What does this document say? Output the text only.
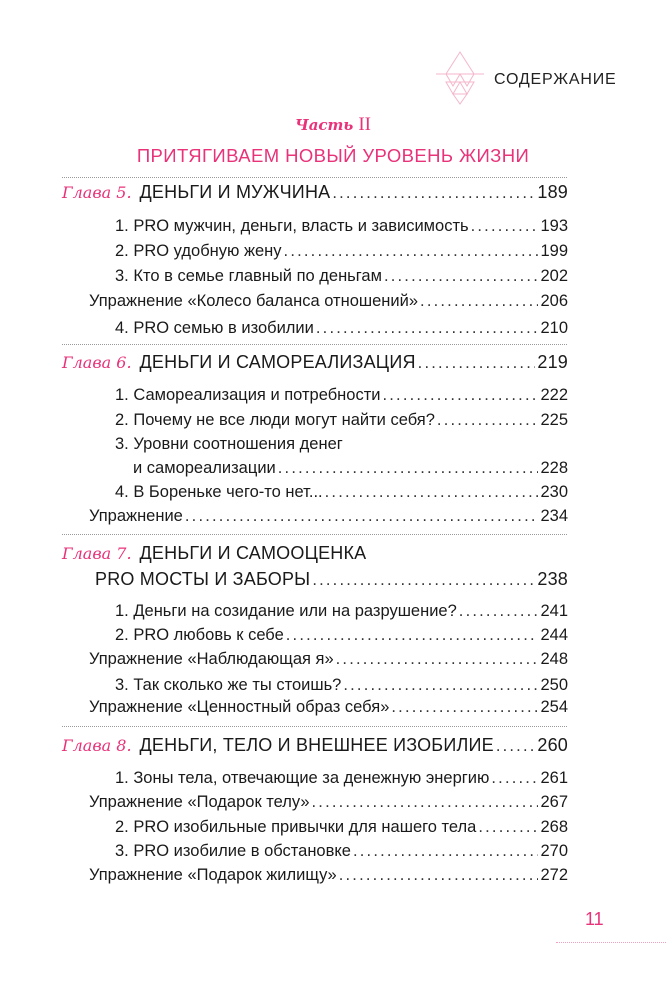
СОДЕРЖАНИЕ
Часть II
ПРИТЯГИВАЕМ НОВЫЙ УРОВЕНЬ ЖИЗНИ
Глава 5. ДЕНЬГИ И МУЖЧИНА .....	189
1. PRO мужчин, деньги, власть и зависимость .....	193
2. PRO удобную жену .....	199
3. Кто в семье главный по деньгам .....	202
Упражнение «Колесо баланса отношений» .....	206
4. PRO семью в изобилии .....	210
Глава 6. ДЕНЬГИ И САМОРЕАЛИЗАЦИЯ .....	219
1. Самореализация и потребности .....	222
2. Почему не все люди могут найти себя? .....	225
3. Уровни соотношения денег
и самореализации .....	228
4. В Бореньке чего-то нет... .....	230
Упражнение .....	234
Глава 7. ДЕНЬГИ И САМООЦЕНКА
PRO МОСТЫ И ЗАБОРЫ .....	238
1. Деньги на созидание или на разрушение? .....	241
2. PRO любовь к себе .....	244
Упражнение «Наблюдающая я» .....	248
3. Так сколько же ты стоишь? .....	250
Упражнение «Ценностный образ себя» .....	254
Глава 8. ДЕНЬГИ, ТЕЛО И ВНЕШНЕЕ ИЗОБИЛИЕ ..... 260
1. Зоны тела, отвечающие за денежную энергию .....	261
Упражнение «Подарок телу» .....	267
2. PRO изобильные привычки для нашего тела .....	268
3. PRO изобилие в обстановке .....	270
Упражнение «Подарок жилищу» .....	272
11
